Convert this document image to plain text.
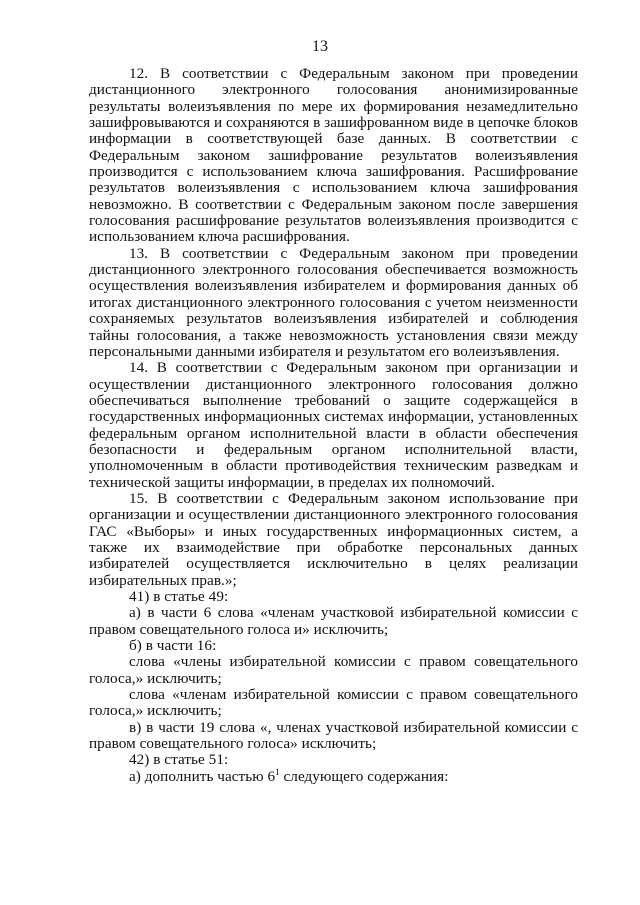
13

12. В соответствии с Федеральным законом при проведении дистанционного электронного голосования анонимизированные результаты волеизъявления по мере их формирования незамедлительно зашифровываются и сохраняются в зашифрованном виде в цепочке блоков информации в соответствующей базе данных. В соответствии с Федеральным законом зашифрование результатов волеизъявления производится с использованием ключа зашифрования. Расшифрование результатов волеизъявления с использованием ключа зашифрования невозможно. В соответствии с Федеральным законом после завершения голосования расшифрование результатов волеизъявления производится с использованием ключа расшифрования.

13. В соответствии с Федеральным законом при проведении дистанционного электронного голосования обеспечивается возможность осуществления волеизъявления избирателем и формирования данных об итогах дистанционного электронного голосования с учетом неизменности сохраняемых результатов волеизъявления избирателей и соблюдения тайны голосования, а также невозможность установления связи между персональными данными избирателя и результатом его волеизъявления.

14. В соответствии с Федеральным законом при организации и осуществлении дистанционного электронного голосования должно обеспечиваться выполнение требований о защите содержащейся в государственных информационных системах информации, установленных федеральным органом исполнительной власти в области обеспечения безопасности и федеральным органом исполнительной власти, уполномоченным в области противодействия техническим разведкам и технической защиты информации, в пределах их полномочий.

15. В соответствии с Федеральным законом использование при организации и осуществлении дистанционного электронного голосования ГАС «Выборы» и иных государственных информационных систем, а также их взаимодействие при обработке персональных данных избирателей осуществляется исключительно в целях реализации избирательных прав.»;

41) в статье 49:

а) в части 6 слова «членам участковой избирательной комиссии с правом совещательного голоса и» исключить;

б) в части 16:

слова «члены избирательной комиссии с правом совещательного голоса,» исключить;

слова «членам избирательной комиссии с правом совещательного голоса,» исключить;

в) в части 19 слова «, членах участковой избирательной комиссии с правом совещательного голоса» исключить;

42) в статье 51:

а) дополнить частью $6^1$ следующего содержания:
